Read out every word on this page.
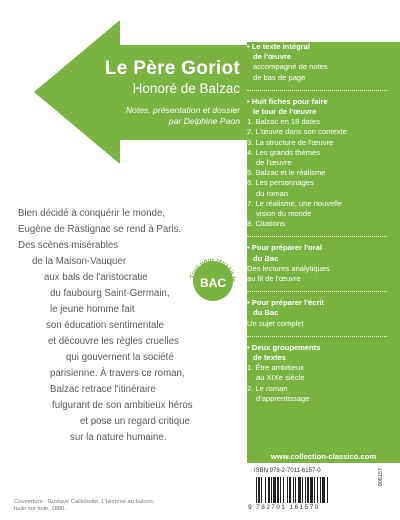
Le Père Goriot
Honoré de Balzac
Notes, présentation et dossier
par Delphine Paon
Bien décidé à conquérir le monde,
Eugène de Rastignac se rend à Paris.
Des scènes misérables
de la Maison-Vauquer
aux bals de l'aristocratie
du faubourg Saint-Germain,
le jeune homme fait
son éducation sentimentale
et découvre les règles cruelles
qui gouvernent la société
parisienne. À travers ce roman,
Balzac retrace l'itinéraire
fulgurant de son ambitieux héros
et pose un regard critique
sur la nature humaine.
Tout pour réussir le
BAC
• Le texte intégral
de l'œuvre
accompagné de notes
de bas de page
• Huit fiches pour faire
le tour de l'œuvre
1. Balzac en 18 dates
2. L'œuvre dans son contexte
3. La structure de l'œuvre
4. Les grands thèmes
de l'œuvre
5. Balzac et le réalisme
6. Les personnages
du roman
7. Le réalisme, une nouvelle
vision du monde
8. Citations
• Pour préparer l'oral
du Bac
Des lectures analytiques
au fil de l'œuvre
• Pour préparer l'écrit
du Bac
Un sujet complet
• Deux groupements
de textes
1. Être ambitieux
au XIXe siècle
2. Le roman
d'apprentissage
www.collection-classico.com
ISBN 978-2-7011-6157-0
9 782701 161570
006157
Couverture : Gustave Caillebotte, L'Homme au balcon,
huile sur toile, 1880.
